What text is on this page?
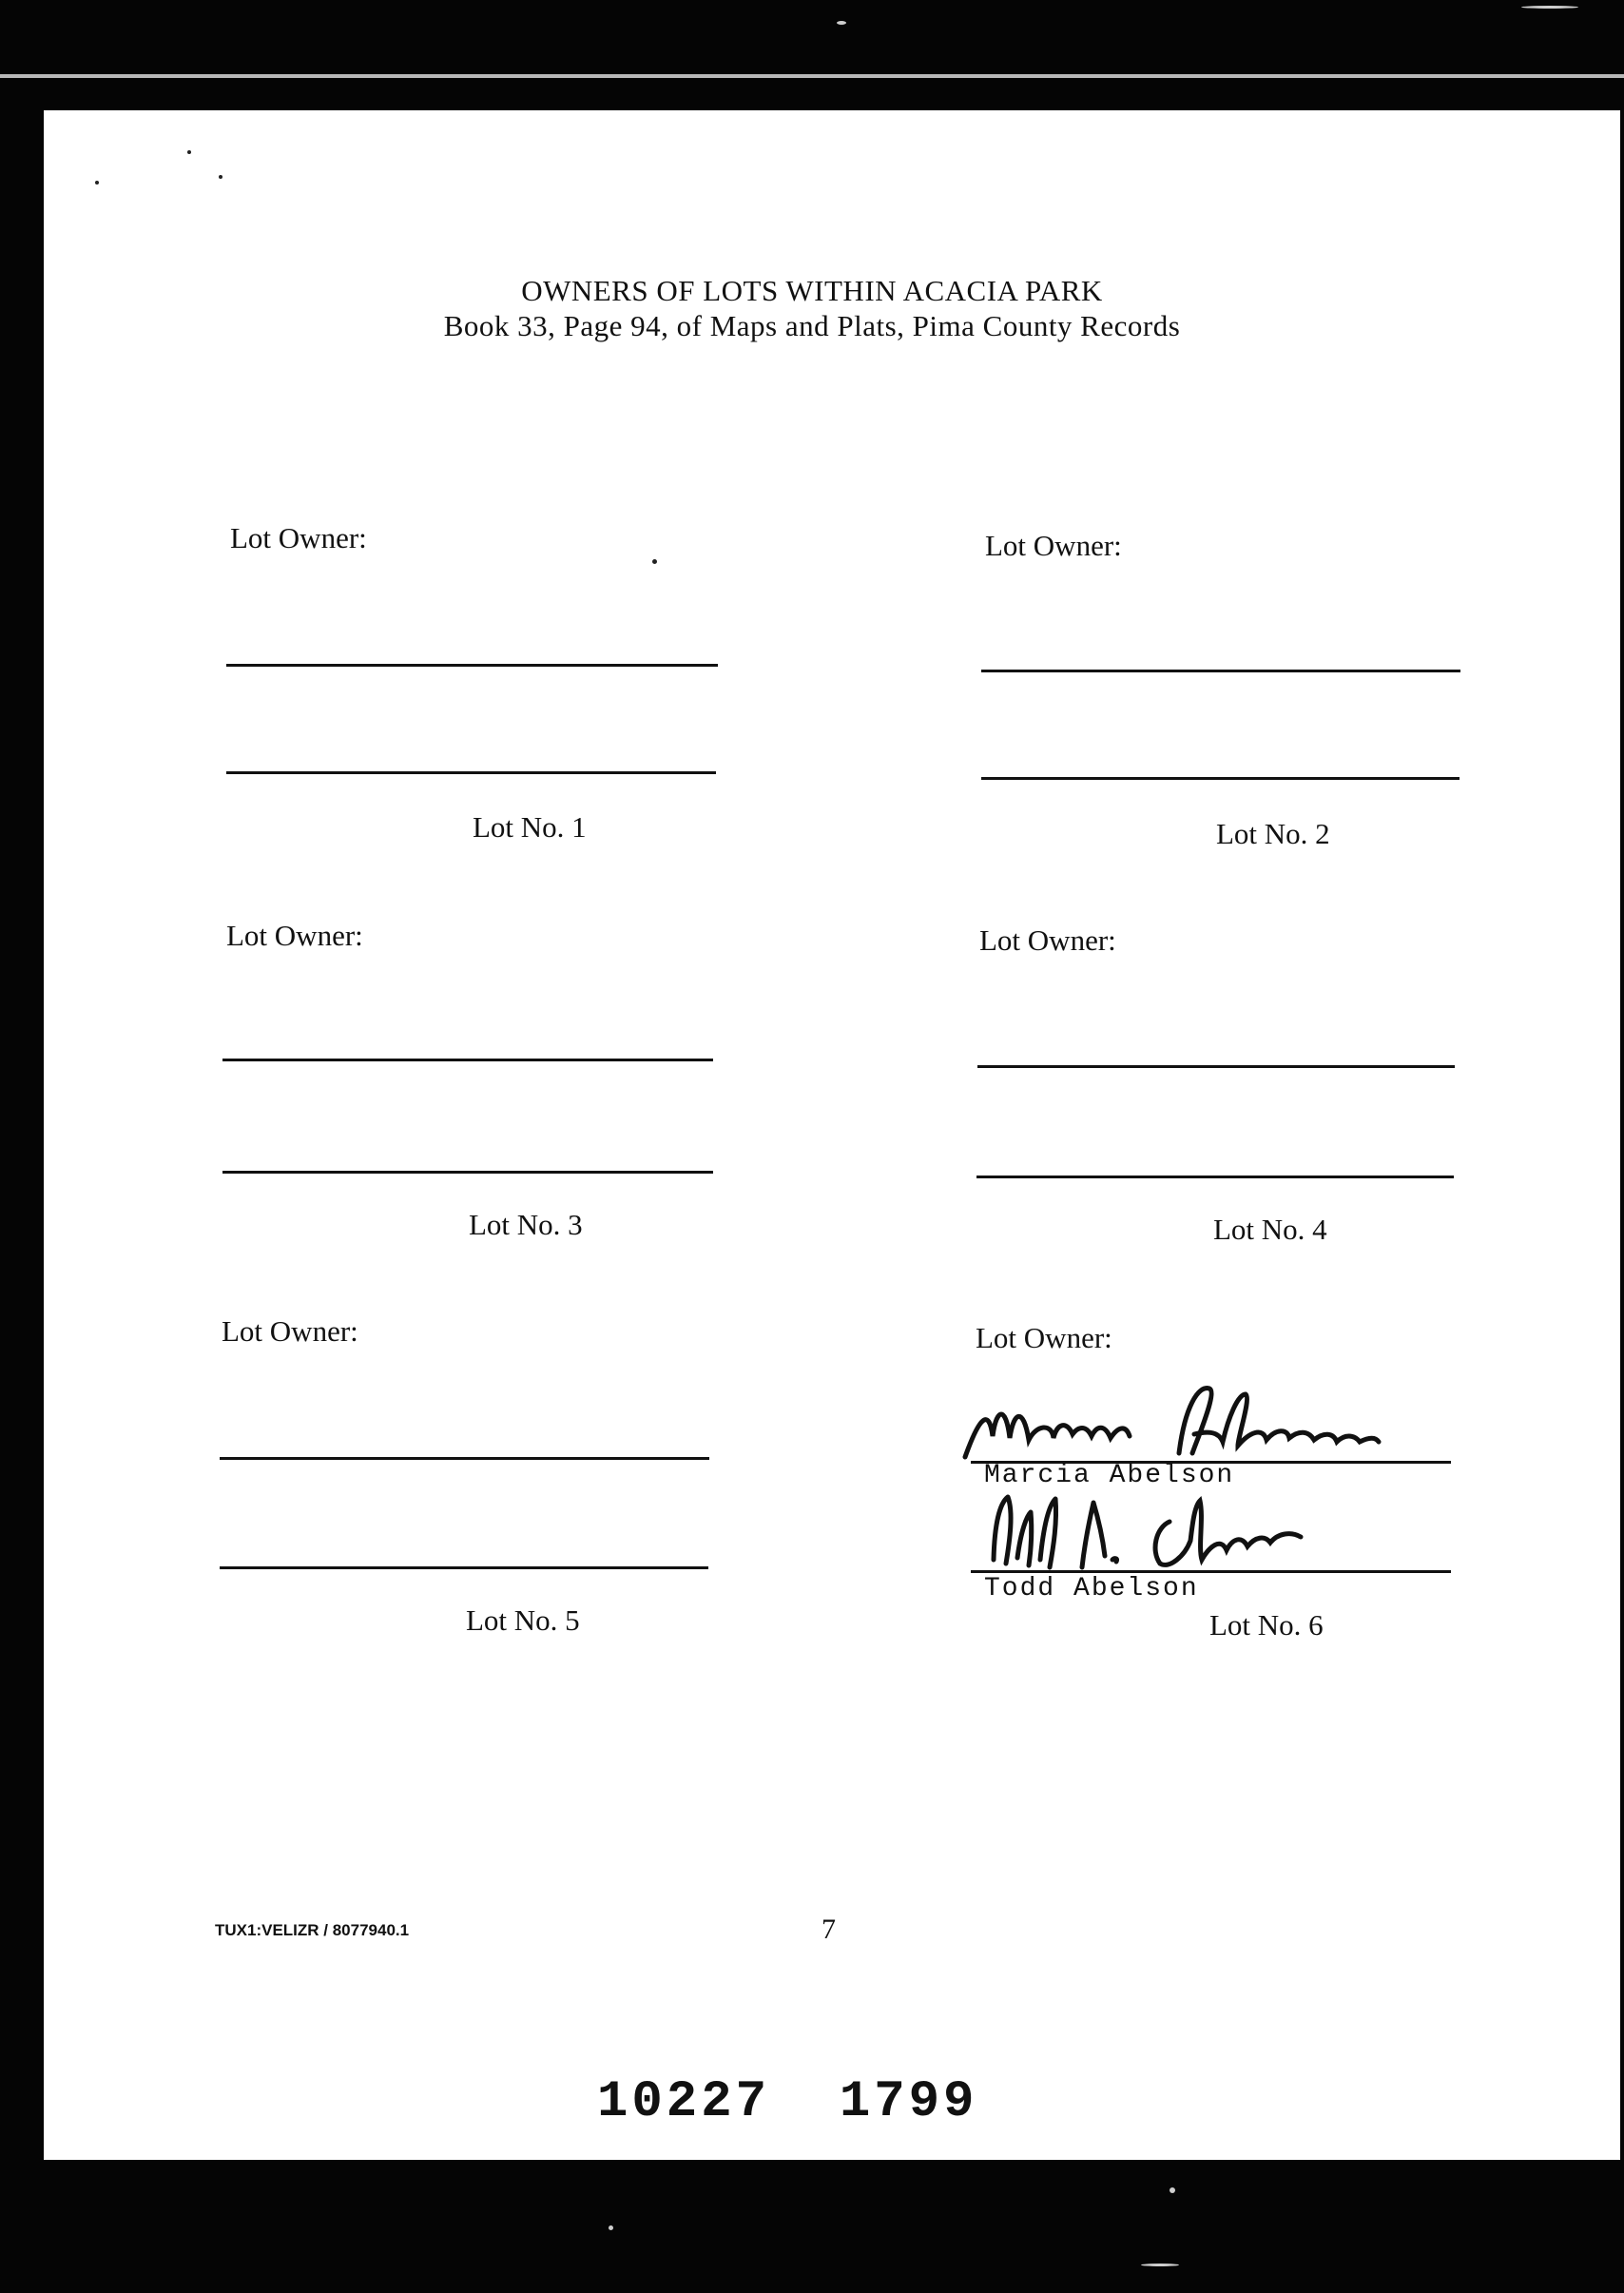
OWNERS OF LOTS WITHIN ACACIA PARK
Book 33, Page 94, of Maps and Plats, Pima County Records
Lot Owner:
Lot No. 1
Lot Owner:
Lot No. 2
Lot Owner:
Lot No. 3
Lot Owner:
Lot No. 4
Lot Owner:
Lot No. 5
Lot Owner:
Marcia Abelson
Todd Abelson
Lot No. 6
TUX1:VELIZR / 8077940.1	7
10227  1799
